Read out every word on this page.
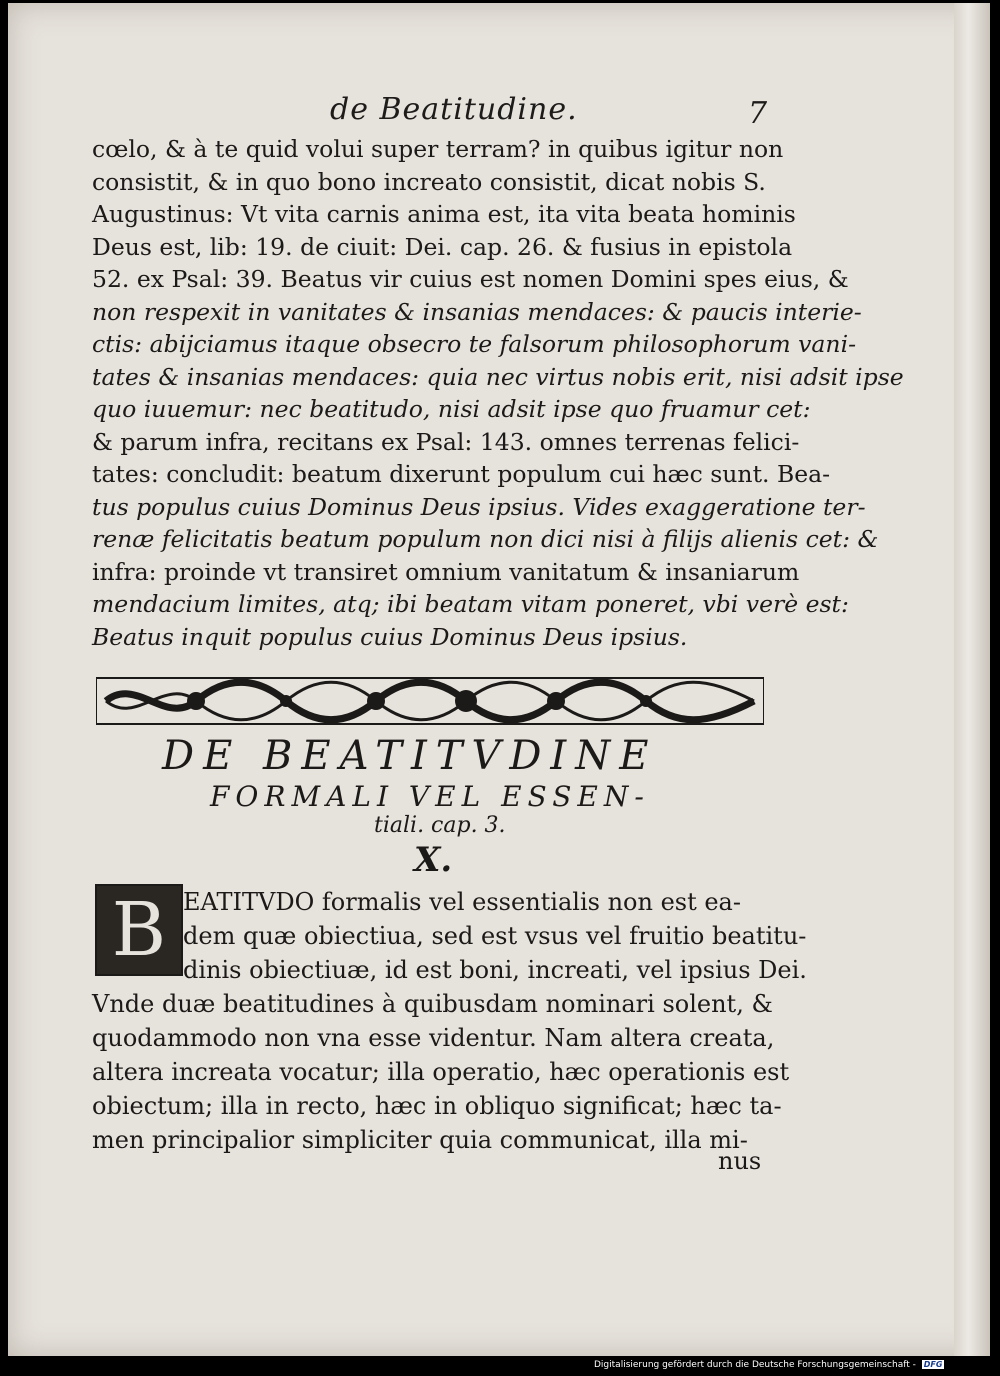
de Beatitudine.	7
cœlo, & à te quid volui super terram? in quibus igitur non
consistit, & in quo bono increato consistit, dicat nobis S.
Augustinus: Vt vita carnis anima est, ita vita beata hominis
Deus est, lib: 19. de ciuit: Dei. cap. 26. & fusius in epistola
52. ex Psal: 39. Beatus vir cuius est nomen Domini spes eius, &
non respexit in vanitates & insanias mendaces: & paucis interie-
ctis: abijciamus itaque obsecro te falsorum philosophorum vani-
tates & insanias mendaces: quia nec virtus nobis erit, nisi adsit ipse
quo iuuemur: nec beatitudo, nisi adsit ipse quo fruamur cet:
& parum infra, recitans ex Psal: 143. omnes terrenas felici-
tates: concludit: beatum dixerunt populum cui hæc sunt. Bea-
tus populus cuius Dominus Deus ipsius. Vides exaggeratione ter-
renæ felicitatis beatum populum non dici nisi à filijs alienis cet: &
infra: proinde vt transiret omnium vanitatum & insaniarum
mendacium limites, atq; ibi beatam vitam poneret, vbi verè est:
Beatus inquit populus cuius Dominus Deus ipsius.
DE BEATITVDINE
FORMALI VEL ESSEN-
tiali. cap. 3.
X.
B EATITVDO formalis vel essentialis non est ea-
dem quæ obiectiua, sed est vsus vel fruitio beatitu-
dinis obiectiuæ, id est boni, increati, vel ipsius Dei.
Vnde duæ beatitudines à quibusdam nominari solent, &
quodammodo non vna esse videntur. Nam altera creata,
altera increata vocatur; illa operatio, hæc operationis est
obiectum; illa in recto, hæc in obliquo significat; hæc ta-
men principalior simpliciter quia communicat, illa mi-
nus
Digitalisierung gefördert durch die Deutsche Forschungsgemeinschaft - DFG
